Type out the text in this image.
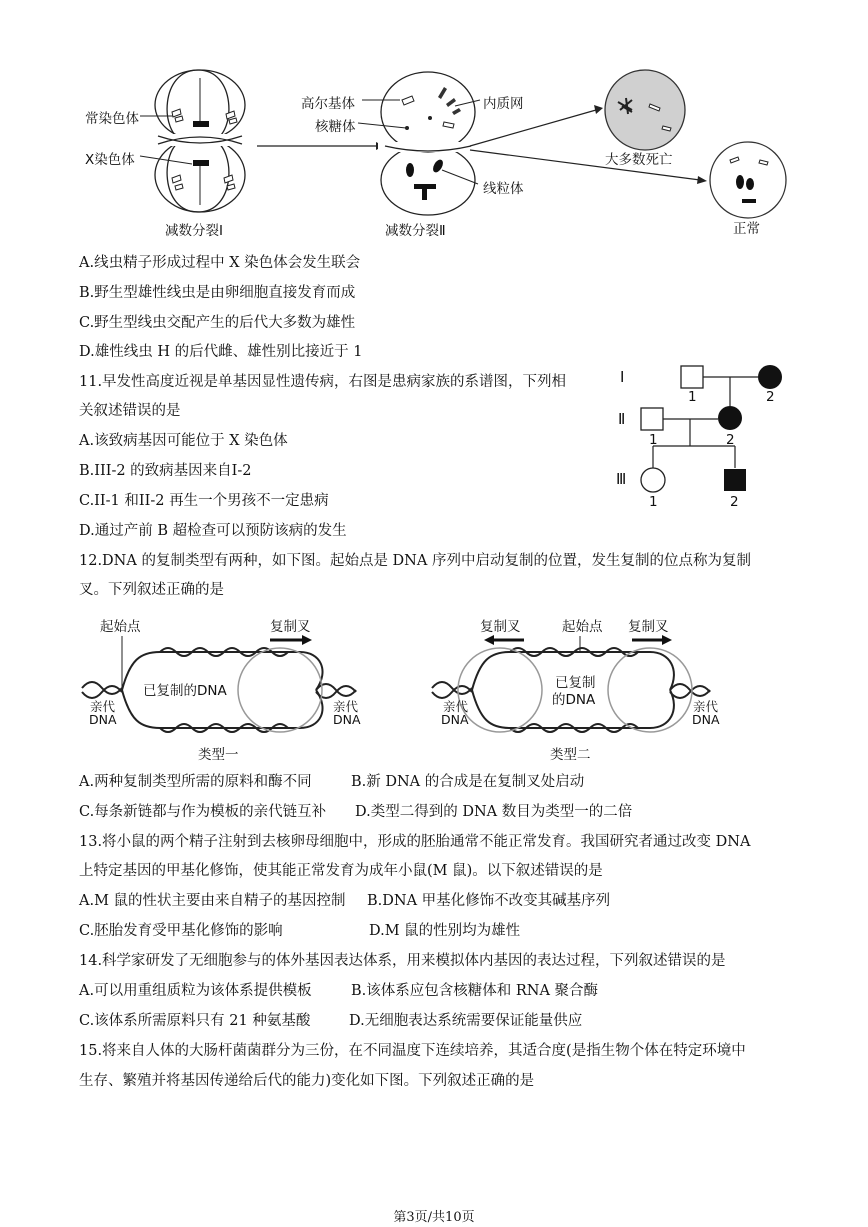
常染色体
X染色体
减数分裂Ⅰ
高尔基体
核糖体
内质网
线粒体
减数分裂Ⅱ
大多数死亡
正常
A.线虫精子形成过程中 X 染色体会发生联会
B.野生型雄性线虫是由卵细胞直接发育而成
C.野生型线虫交配产生的后代大多数为雄性
D.雄性线虫 H 的后代雌、雄性别比接近于 1
11.早发性高度近视是单基因显性遗传病，右图是患病家族的系谱图，下列相
关叙述错误的是
A.该致病基因可能位于 X 染色体
B.III-2 的致病基因来自I-2
C.II-1 和II-2 再生一个男孩不一定患病
D.通过产前 B 超检查可以预防该病的发生
Ⅰ
Ⅱ
Ⅲ
1	2
1	2
1	2
12.DNA 的复制类型有两种，如下图。起始点是 DNA 序列中启动复制的位置，发生复制的位点称为复制
叉。下列叙述正确的是
起始点	复制叉
已复制的DNA
亲代
DNA
亲代
DNA
类型一
复制叉	起始点 复制叉
已复制
的DNA
亲代
DNA
亲代
DNA
类型二
A.两种复制类型所需的原料和酶不同	B.新 DNA 的合成是在复制叉处启动
C.每条新链都与作为模板的亲代链互补 D.类型二得到的 DNA 数目为类型一的二倍
13.将小鼠的两个精子注射到去核卵母细胞中，形成的胚胎通常不能正常发育。我国研究者通过改变 DNA
上特定基因的甲基化修饰，使其能正常发育为成年小鼠(M 鼠)。以下叙述错误的是
A.M 鼠的性状主要由来自精子的基因控制 B.DNA 甲基化修饰不改变其碱基序列
C.胚胎发育受甲基化修饰的影响	D.M 鼠的性别均为雄性
14.科学家研发了无细胞参与的体外基因表达体系，用来模拟体内基因的表达过程，下列叙述错误的是
A.可以用重组质粒为该体系提供模板	B.该体系应包含核糖体和 RNA 聚合酶
C.该体系所需原料只有 21 种氨基酸	D.无细胞表达系统需要保证能量供应
15.将来自人体的大肠杆菌菌群分为三份，在不同温度下连续培养，其适合度(是指生物个体在特定环境中
生存、繁殖并将基因传递给后代的能力)变化如下图。下列叙述正确的是
第3页/共10页
